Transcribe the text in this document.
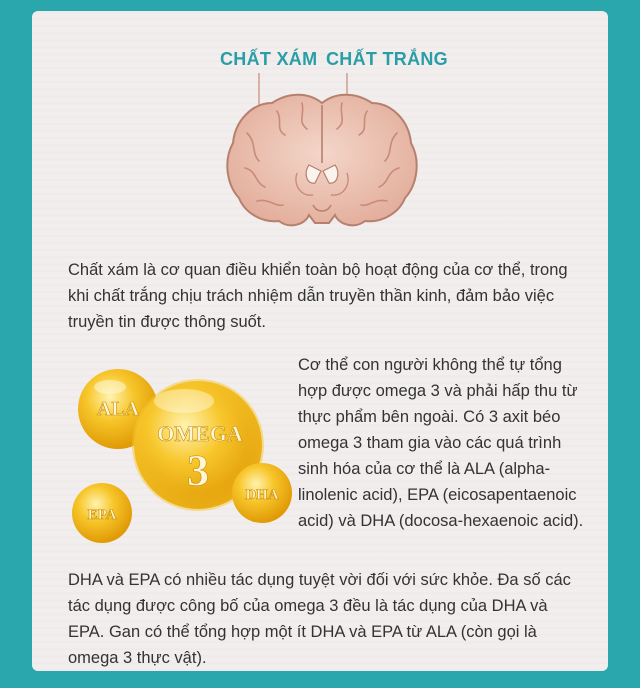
CHẤT XÁM CHẤT TRẮNG
Chất xám là cơ quan điều khiển toàn bộ hoạt động của cơ thể, trong khi chất trắng chịu trách nhiệm dẫn truyền thần kinh, đảm bảo việc truyền tin được thông suốt.
ALA
OMEGA
3
EPA
DHA
Cơ thể con người không thể tự tổng hợp được omega 3 và phải hấp thu từ thực phẩm bên ngoài. Có 3 axit béo omega 3 tham gia vào các quá trình sinh hóa của cơ thể là ALA (alpha-linolenic acid), EPA (eicosapentaenoic acid) và DHA (docosa-hexaenoic acid).
DHA và EPA có nhiều tác dụng tuyệt vời đối với sức khỏe. Đa số các tác dụng được công bố của omega 3 đều là tác dụng của DHA và EPA. Gan có thể tổng hợp một ít DHA và EPA từ ALA (còn gọi là omega 3 thực vật).
